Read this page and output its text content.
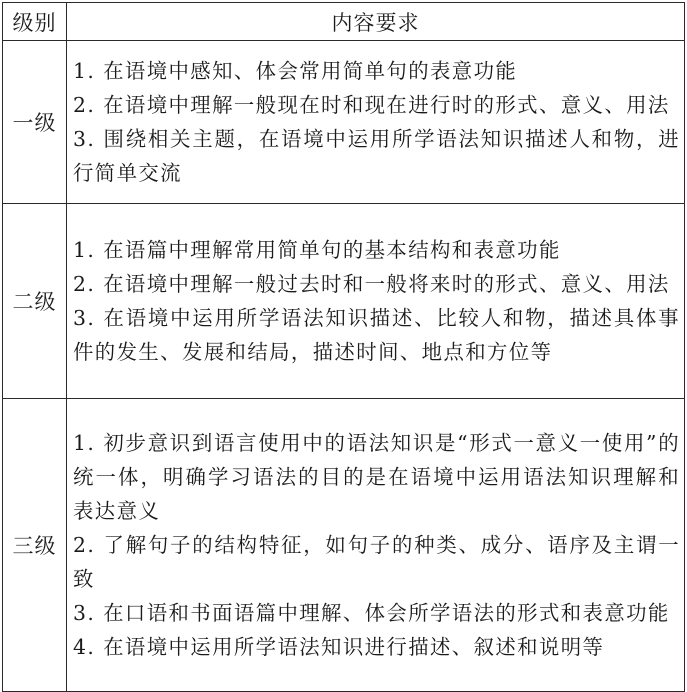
级别	内容要求
一级	1. 在语境中感知、体会常用简单句的表意功能
2. 在语境中理解一般现在时和现在进行时的形式、意义、用法
3. 围绕相关主题，在语境中运用所学语法知识描述人和物，进行简单交流

二级	1. 在语篇中理解常用简单句的基本结构和表意功能
2. 在语境中理解一般过去时和一般将来时的形式、意义、用法
3. 在语境中运用所学语法知识描述、比较人和物，描述具体事件的发生、发展和结局，描述时间、地点和方位等

三级	1. 初步意识到语言使用中的语法知识是“形式一意义一使用”的统一体，明确学习语法的目的是在语境中运用语法知识理解和表达意义
2. 了解句子的结构特征，如句子的种类、成分、语序及主谓一致
3. 在口语和书面语篇中理解、体会所学语法的形式和表意功能
4. 在语境中运用所学语法知识进行描述、叙述和说明等
